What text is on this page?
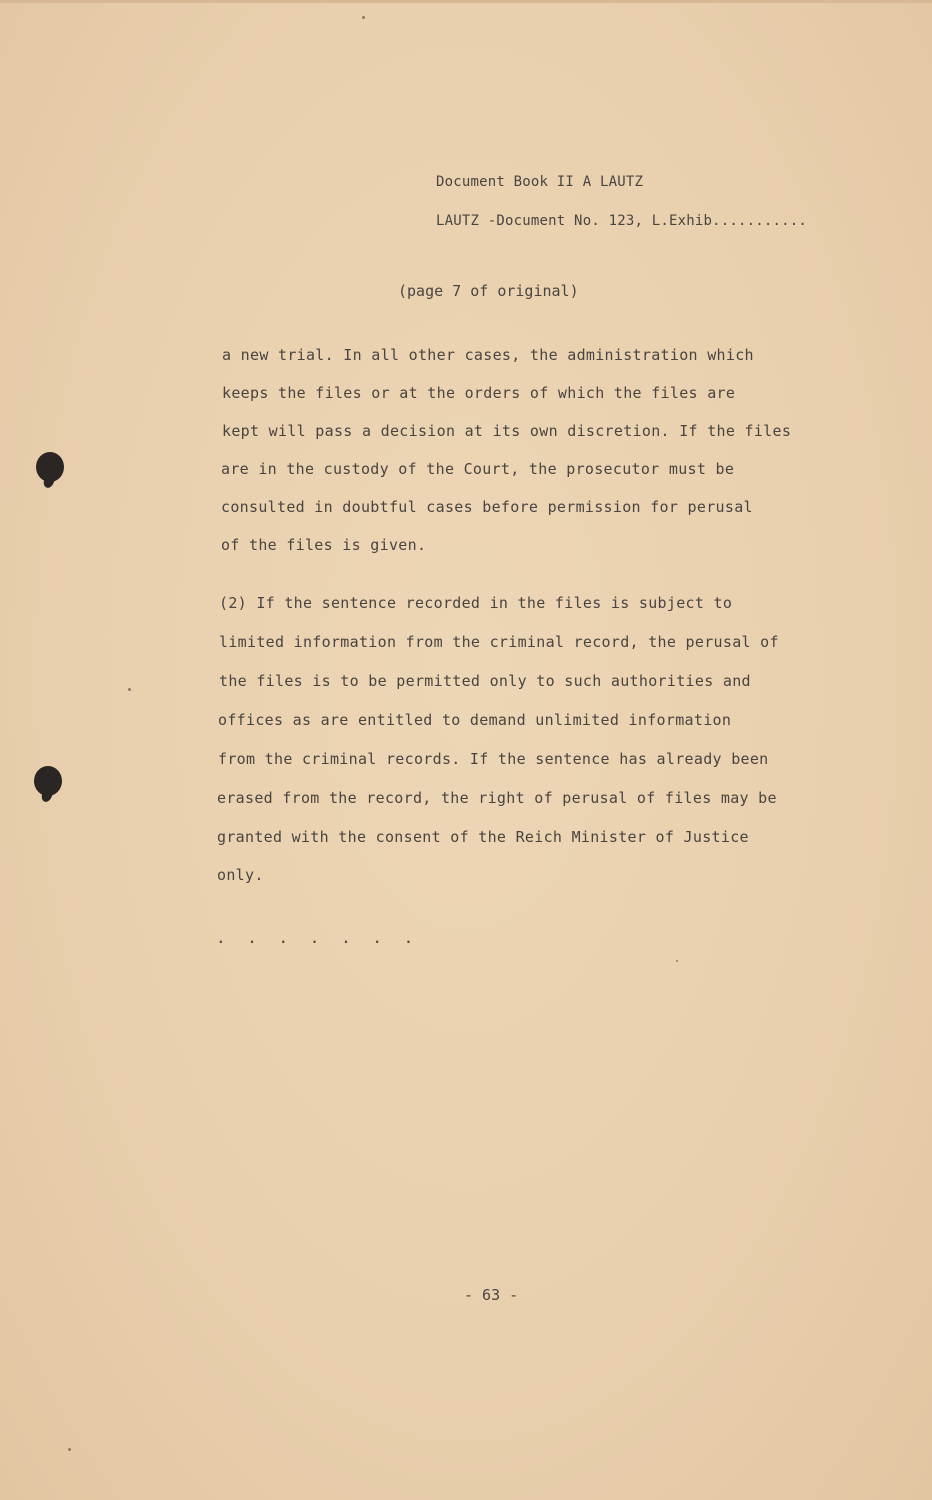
Document Book II A LAUTZ
LAUTZ -Document No. 123, L.Exhib...........
(page 7 of original)
a new trial. In all other cases, the administration which
keeps the files or at the orders of which the files are
kept will pass a decision at its own discretion. If the files
are in the custody of the Court, the prosecutor must be
consulted in doubtful cases before permission for perusal
of the files is given.
(2) If the sentence recorded in the files is subject to
limited information from the criminal record, the perusal of
the files is to be permitted only to such authorities and
offices as are entitled to demand unlimited information
from the criminal records. If the sentence has already been
erased from the record, the right of perusal of files may be
granted with the consent of the Reich Minister of Justice
only.
. . . . . . .
- 63 -
